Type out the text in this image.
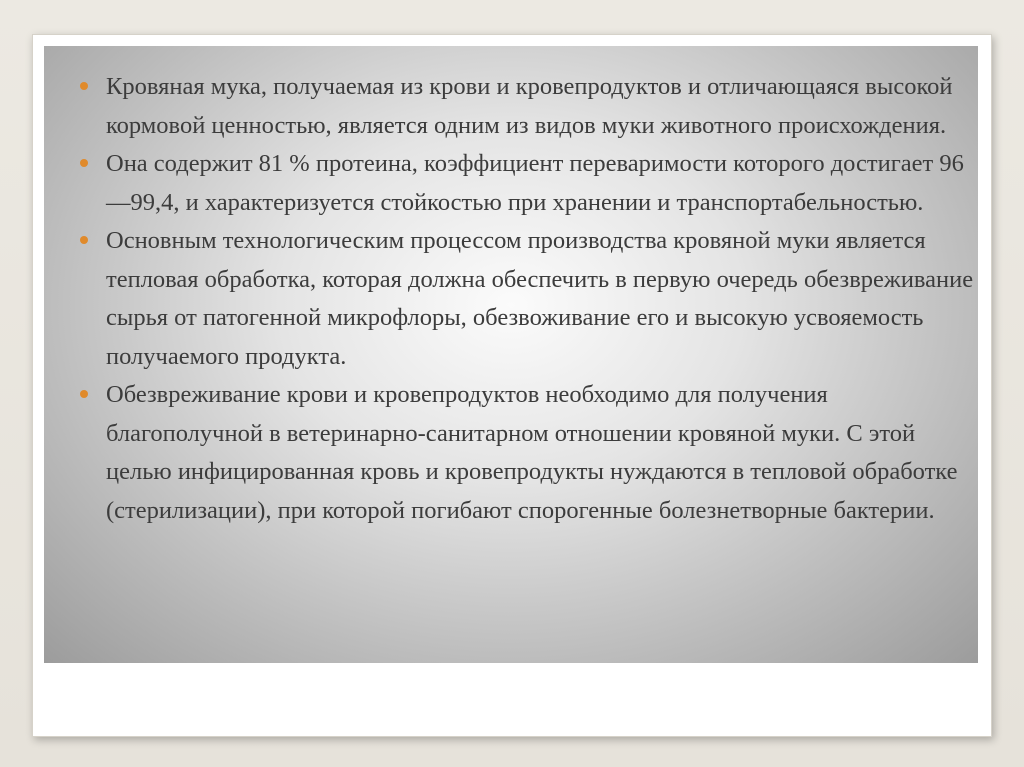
Кровяная мука, получаемая из крови и кровепродуктов и отличающаяся высокой кормовой ценностью, является одним из видов муки животного происхождения.
Она содержит 81 % протеина, коэффициент переваримости которого достигает 96—99,4, и характеризуется стойкостью при хранении и транспортабельностью.
Основным технологическим процессом производства кровяной муки является тепловая обработка, которая должна обеспечить в первую очередь обезвреживание сырья от патогенной микрофлоры, обезвоживание его и высокую усвояемость получаемого продукта.
Обезвреживание крови и кровепродуктов необходимо для получения благополучной в ветеринарно-санитарном отношении кровяной муки. С этой целью инфицированная кровь и кровепродукты нуждаются в тепловой обработке (стерилизации), при которой погибают спорогенные болезнетворные бактерии.
